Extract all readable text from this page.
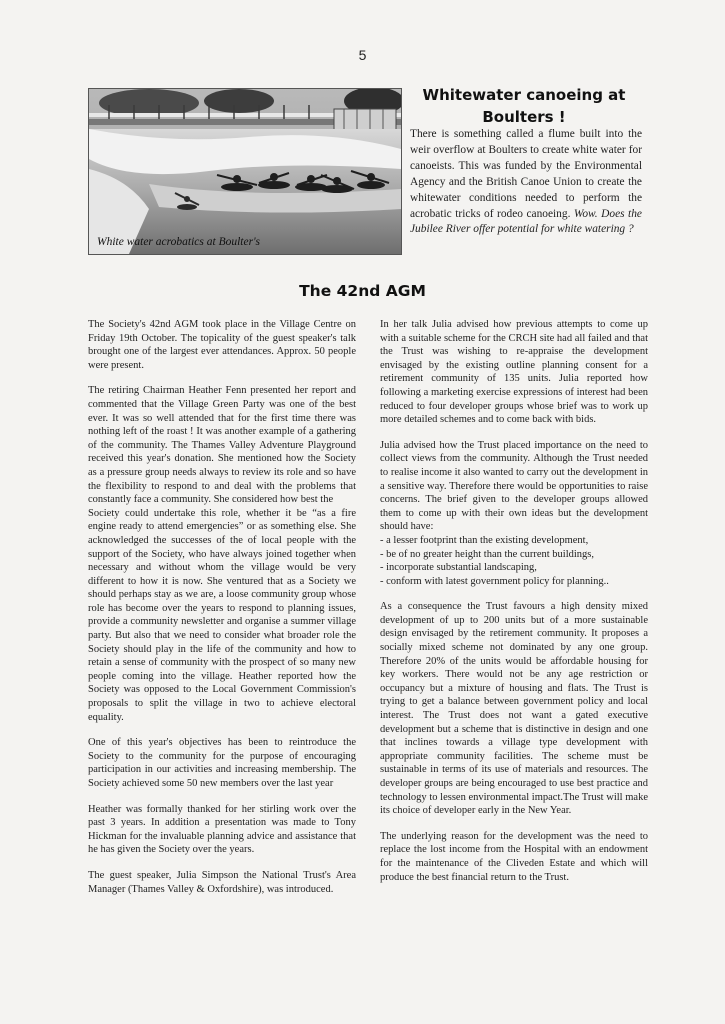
5
White water acrobatics at Boulter's
Whitewater canoeing at
Boulters !

There is something called a flume built into the weir overflow at Boulters to create white water for canoeists. This was funded by the Environmental Agency and the British Canoe Union to create the whitewater conditions needed to perform the acrobatic tricks of rodeo canoeing. Wow. Does the Jubilee River offer potential for white watering ?

The 42nd AGM

The Society's 42nd AGM took place in the Village Centre on Friday 19th October. The topicality of the guest speaker's talk brought one of the largest ever attendances. Approx. 50 people were present.

The retiring Chairman Heather Fenn presented her report and commented that the Village Green Party was one of the best ever. It was so well attended that for the first time there was nothing left of the roast ! It was another example of a gathering of the community. The Thames Valley Adventure Playground received this year's donation. She mentioned how the Society as a pressure group needs always to review its role and so have the flexibility to respond to and deal with the problems that constantly face a community. She considered how best the
Society could undertake this role, whether it be “as a fire engine ready to attend emergencies” or as something else. She acknowledged the successes of the of local people with the support of the Society, who have always joined together when necessary and without whom the village would be very different to how it is now. She ventured that as a Society we should perhaps stay as we are, a loose community group whose role has become over the years to respond to planning issues, provide a community newsletter and organise a summer village party. But also that we need to consider what broader role the Society should play in the life of the community and how to retain a sense of community with the prospect of so many new people coming into the village. Heather reported how the Society was opposed to the Local Government Commission's proposals to split the village in two to achieve electoral equality.

One of this year's objectives has been to reintroduce the Society to the community for the purpose of encouraging participation in our activities and increasing membership. The Society achieved some 50 new members over the last year

Heather was formally thanked for her stirling work over the past 3 years. In addition a presentation was made to Tony Hickman for the invaluable planning advice and assistance that he has given the Society over the years.

The guest speaker, Julia Simpson the National Trust's Area Manager (Thames Valley & Oxfordshire), was introduced.

In her talk Julia advised how previous attempts to come up with a suitable scheme for the CRCH site had all failed and that the Trust was wishing to re-appraise the development envisaged by the existing outline planning consent for a retirement community of 135 units. Julia reported how following a marketing exercise expressions of interest had been reduced to four developer groups whose brief was to work up more detailed schemes and to come back with bids.

Julia advised how the Trust placed importance on the need to collect views from the community. Although the Trust needed to realise income it also wanted to carry out the development in a sensitive way. Therefore there would be opportunities to raise concerns. The brief given to the developer groups allowed them to come up with their own ideas but the development should have:
- a lesser footprint than the existing development,
- be of no greater height than the current buildings,
- incorporate substantial landscaping,
- conform with latest government policy for planning..

As a consequence the Trust favours a high density mixed development of up to 200 units but of a more sustainable design envisaged by the retirement community. It proposes a socially mixed scheme not dominated by any one group. Therefore 20% of the units would be affordable housing for key workers. There would not be any age restriction or occupancy but a mixture of housing and flats. The Trust is trying to get a balance between government policy and local interest. The Trust does not want a gated executive development but a scheme that is distinctive in design and one that inclines towards a village type development with appropriate community facilities. The scheme must be sustainable in terms of its use of materials and resources. The developer groups are being encouraged to use best practice and technology to lessen environmental impact.The Trust will make its choice of developer early in the New Year.

The underlying reason for the development was the need to replace the lost income from the Hospital with an endowment for the maintenance of the Cliveden Estate and which will produce the best financial return to the Trust.
